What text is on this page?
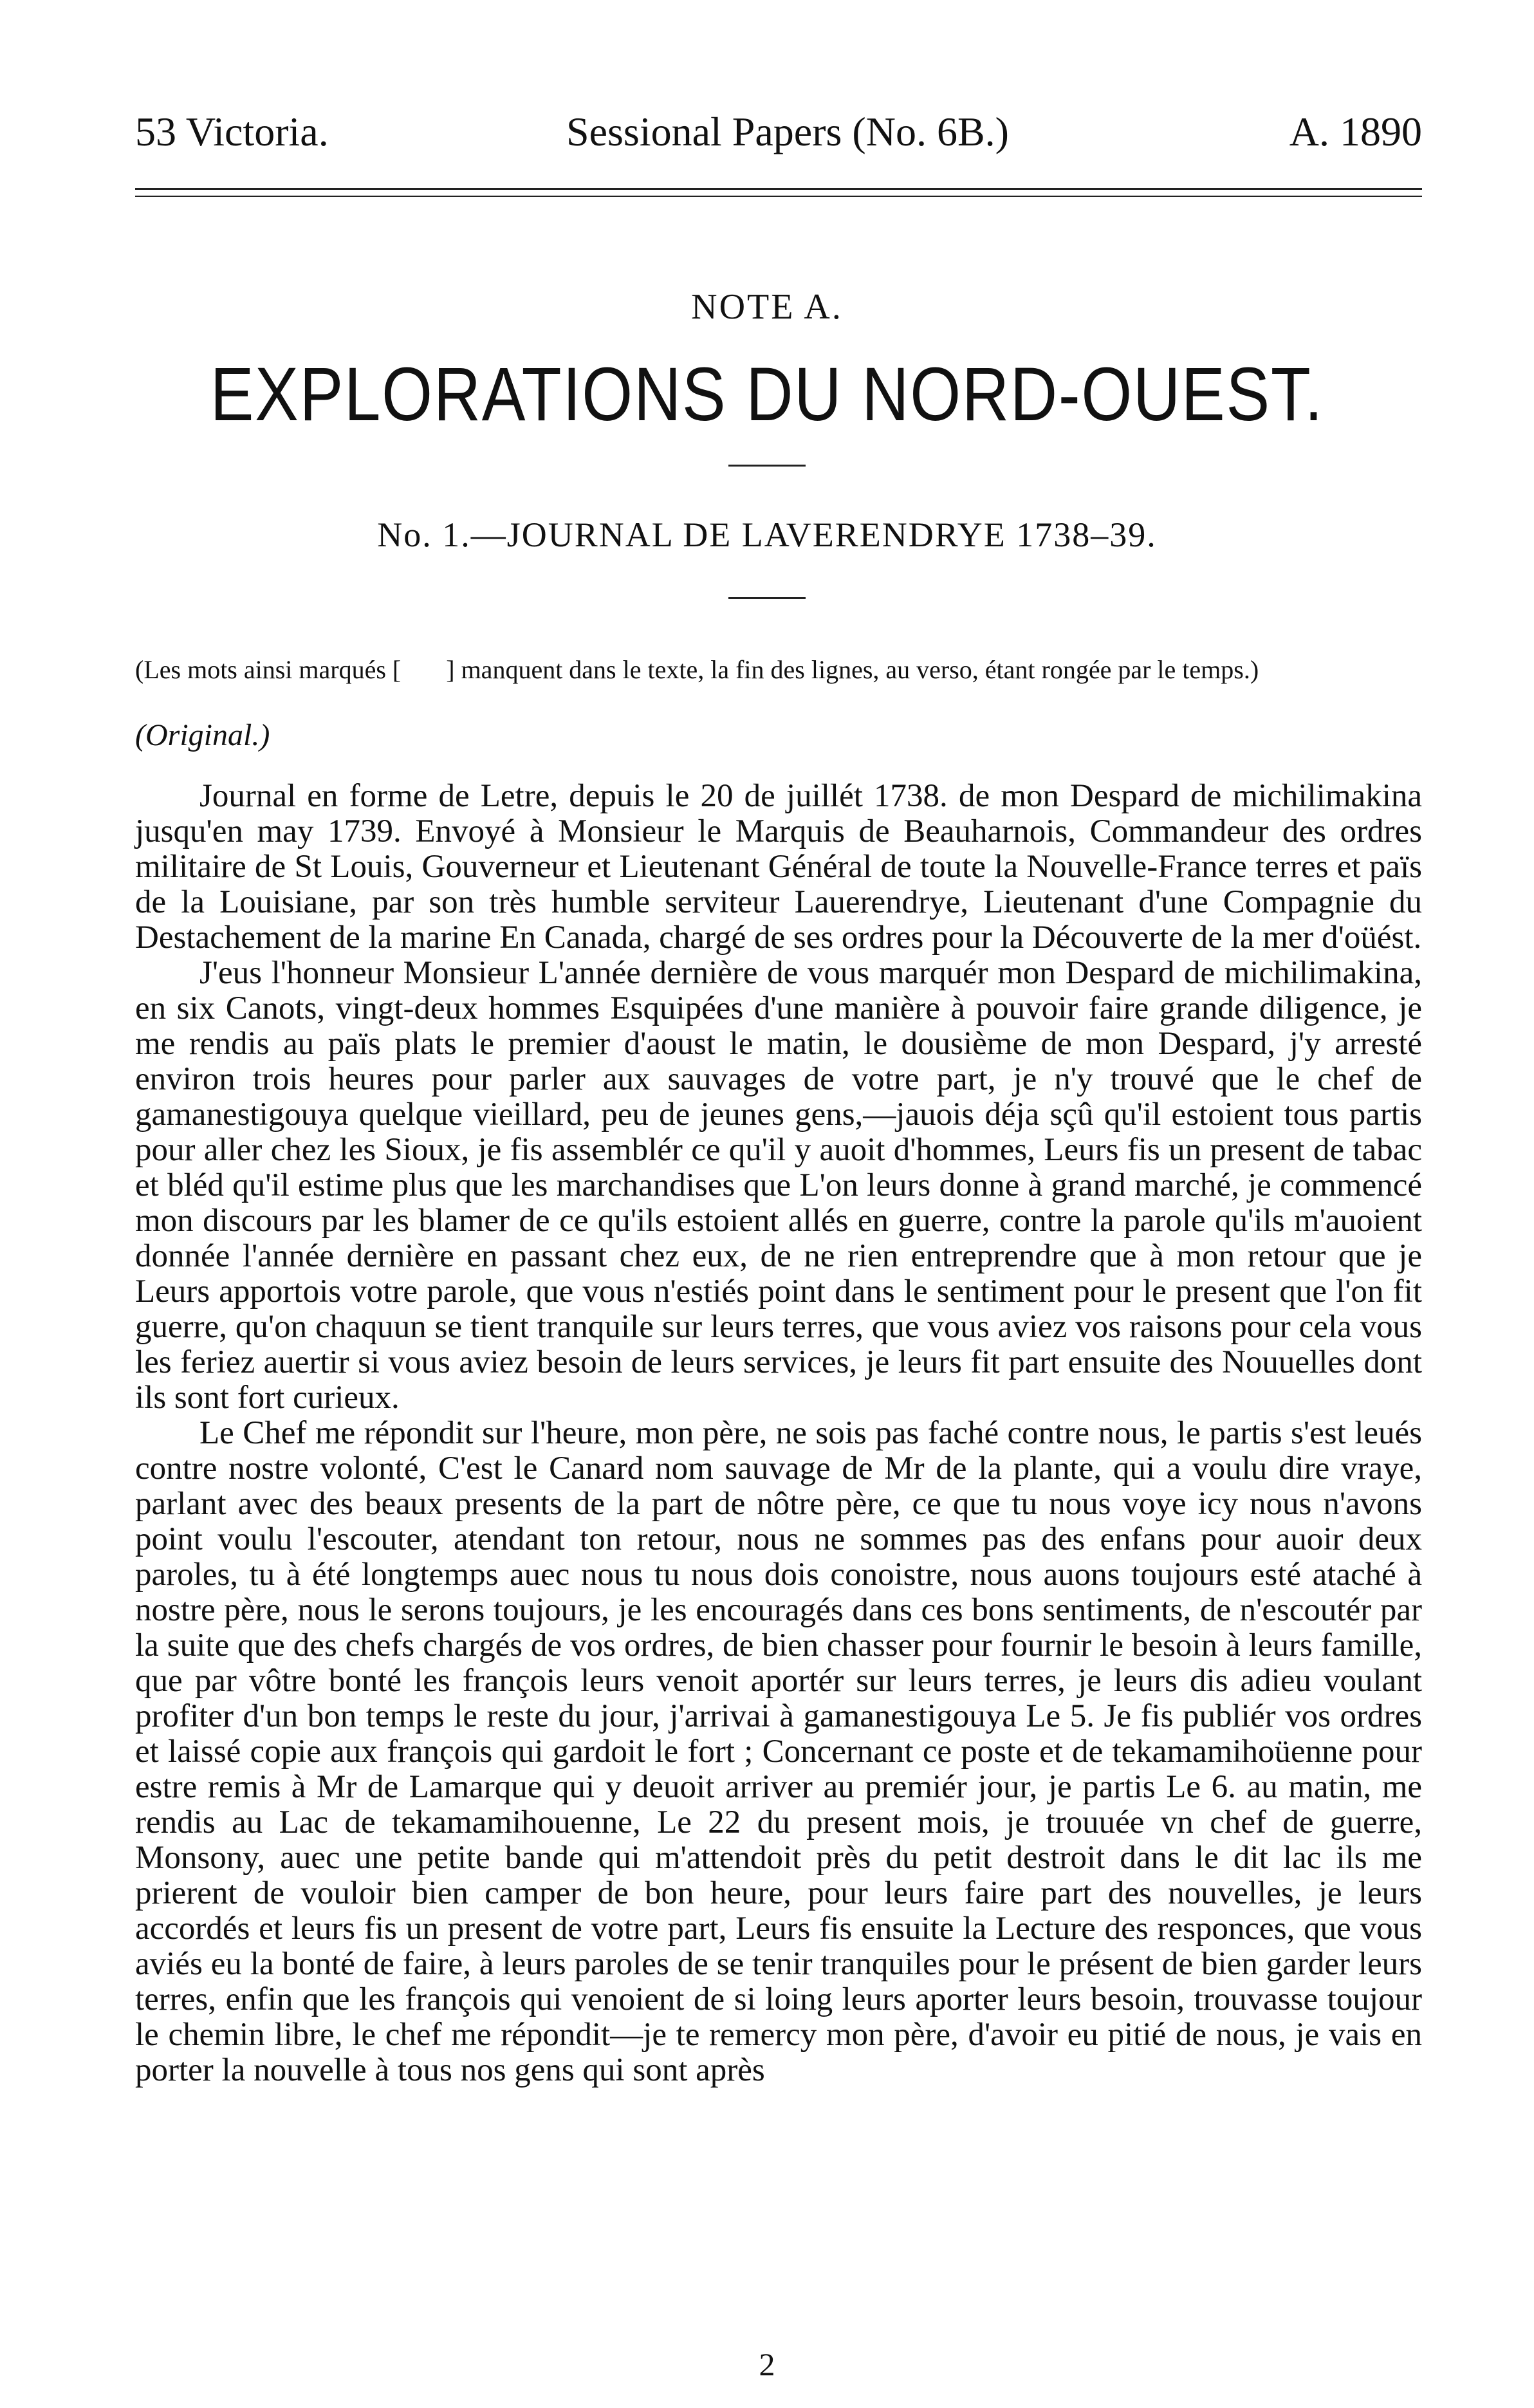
53 Victoria.	Sessional Papers (No. 6B.)	A. 1890
NOTE A.
EXPLORATIONS DU NORD-OUEST.
No. 1.—JOURNAL DE LAVERENDRYE 1738–39.
(Les mots ainsi marqués [ ] manquent dans le texte, la fin des lignes, au verso, étant rongée par le temps.)
(Original.)

Journal en forme de Letre, depuis le 20 de juillét 1738. de mon Despard de michilimakina jusqu'en may 1739. Envoyé à Monsieur le Marquis de Beauharnois, Commandeur des ordres militaire de St Louis, Gouverneur et Lieutenant Général de toute la Nouvelle-France terres et païs de la Louisiane, par son très humble serviteur Lauerendrye, Lieutenant d'une Compagnie du Destachement de la marine En Canada, chargé de ses ordres pour la Découverte de la mer d'oüést.

J'eus l'honneur Monsieur L'année dernière de vous marquér mon Despard de michilimakina, en six Canots, vingt-deux hommes Esquipées d'une manière à pouvoir faire grande diligence, je me rendis au païs plats le premier d'aoust le matin, le dousième de mon Despard, j'y arresté environ trois heures pour parler aux sauvages de votre part, je n'y trouvé que le chef de gamanestigouya quelque vieillard, peu de jeunes gens,—jauois déja sçû qu'il estoient tous partis pour aller chez les Sioux, je fis assemblér ce qu'il y auoit d'hommes, Leurs fis un present de tabac et bléd qu'il estime plus que les marchandises que L'on leurs donne à grand marché, je commencé mon discours par les blamer de ce qu'ils estoient allés en guerre, contre la parole qu'ils m'auoient donnée l'année dernière en passant chez eux, de ne rien entreprendre que à mon retour que je Leurs apportois votre parole, que vous n'estiés point dans le sentiment pour le present que l'on fit guerre, qu'on chaquun se tient tranquile sur leurs terres, que vous aviez vos raisons pour cela vous les feriez auertir si vous aviez besoin de leurs services, je leurs fit part ensuite des Nouuelles dont ils sont fort curieux.

Le Chef me répondit sur l'heure, mon père, ne sois pas faché contre nous, le partis s'est leués contre nostre volonté, C'est le Canard nom sauvage de Mr de la plante, qui a voulu dire vraye, parlant avec des beaux presents de la part de nôtre père, ce que tu nous voye icy nous n'avons point voulu l'escouter, atendant ton retour, nous ne sommes pas des enfans pour auoir deux paroles, tu à été longtemps auec nous tu nous dois conoistre, nous auons toujours esté ataché à nostre père, nous le serons toujours, je les encouragés dans ces bons sentiments, de n'escoutér par la suite que des chefs chargés de vos ordres, de bien chasser pour fournir le besoin à leurs famille, que par vôtre bonté les françois leurs venoit aportér sur leurs terres, je leurs dis adieu voulant profiter d'un bon temps le reste du jour, j'arrivai à gamanestigouya Le 5. Je fis publiér vos ordres et laissé copie aux françois qui gardoit le fort ; Concernant ce poste et de tekamamihoüenne pour estre remis à Mr de Lamarque qui y deuoit arriver au premiér jour, je partis Le 6. au matin, me rendis au Lac de tekamamihouenne, Le 22 du present mois, je trouuée vn chef de guerre, Monsony, auec une petite bande qui m'attendoit près du petit destroit dans le dit lac ils me prierent de vouloir bien camper de bon heure, pour leurs faire part des nouvelles, je leurs accordés et leurs fis un present de votre part, Leurs fis ensuite la Lecture des responces, que vous aviés eu la bonté de faire, à leurs paroles de se tenir tranquiles pour le présent de bien garder leurs terres, enfin que les françois qui venoient de si loing leurs aporter leurs besoin, trouvasse toujour le chemin libre, le chef me répondit—je te remercy mon père, d'avoir eu pitié de nous, je vais en porter la nouvelle à tous nos gens qui sont après

2
